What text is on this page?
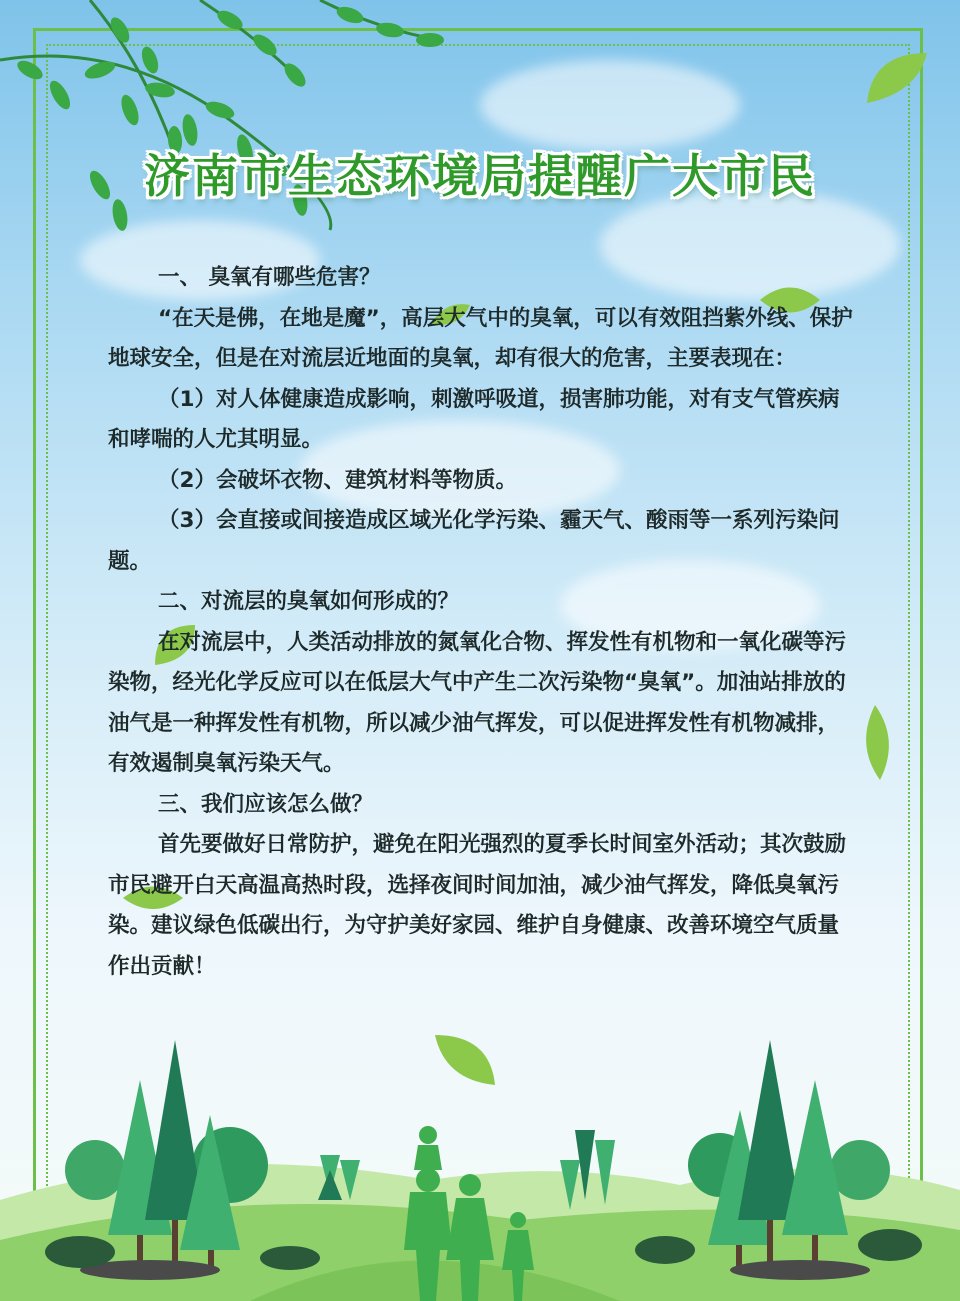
济南市生态环境局提醒广大市民

一、 臭氧有哪些危害？

“在天是佛，在地是魔”，高层大气中的臭氧，可以有效阻挡紫外线、保护地球安全，但是在对流层近地面的臭氧，却有很大的危害，主要表现在：

（1）对人体健康造成影响，刺激呼吸道，损害肺功能，对有支气管疾病和哮喘的人尤其明显。

（2）会破坏衣物、建筑材料等物质。

（3）会直接或间接造成区域光化学污染、霾天气、酸雨等一系列污染问题。

二、对流层的臭氧如何形成的？

在对流层中，人类活动排放的氮氧化合物、挥发性有机物和一氧化碳等污染物，经光化学反应可以在低层大气中产生二次污染物“臭氧”。加油站排放的油气是一种挥发性有机物，所以减少油气挥发，可以促进挥发性有机物减排，有效遏制臭氧污染天气。

三、我们应该怎么做？

首先要做好日常防护，避免在阳光强烈的夏季长时间室外活动；其次鼓励市民避开白天高温高热时段，选择夜间时间加油，减少油气挥发，降低臭氧污染。建议绿色低碳出行，为守护美好家园、维护自身健康、改善环境空气质量作出贡献！
